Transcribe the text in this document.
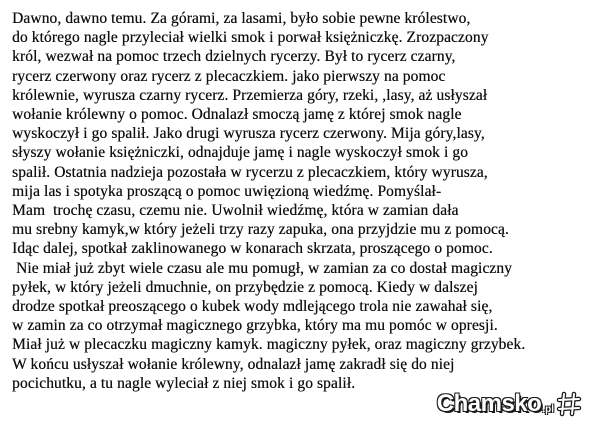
Dawno, dawno temu. Za górami, za lasami, było sobie pewne królestwo,
do którego nagle przyleciał wielki smok i porwał księżniczkę. Zrozpaczony
król, wezwał na pomoc trzech dzielnych rycerzy. Był to rycerz czarny,
rycerz czerwony oraz rycerz z plecaczkiem. jako pierwszy na pomoc
królewnie, wyrusza czarny rycerz. Przemierza góry, rzeki, ,lasy, aż usłyszał
wołanie królewny o pomoc. Odnalazł smoczą jamę z której smok nagle
wyskoczył i go spalił. Jako drugi wyrusza rycerz czerwony. Mija góry,lasy,
słyszy wołanie księżniczki, odnajduje jamę i nagle wyskoczył smok i go
spalił. Ostatnia nadzieja pozostała w rycerzu z plecaczkiem, który wyrusza,
mija las i spotyka proszącą o pomoc uwięzioną wiedźmę. Pomyślał-
Mam  trochę czasu, czemu nie. Uwolnił wiedźmę, która w zamian dała
mu srebny kamyk,w który jeżeli trzy razy zapuka, ona przyjdzie mu z pomocą.
Idąc dalej, spotkał zaklinowanego w konarach skrzata, proszącego o pomoc.
Nie miał już zbyt wiele czasu ale mu pomugł, w zamian za co dostał magiczny
pyłek, w który jeżeli dmuchnie, on przybędzie z pomocą. Kiedy w dalszej
drodze spotkał preoszącego o kubek wody mdlejącego trola nie zawahał się,
w zamin za co otrzymał magicznego grzybka, który ma mu pomóc w opresji.
Miał już w plecaczku magiczny kamyk. magiczny pyłek, oraz magiczny grzybek.
W końcu usłyszał wołanie królewny, odnalazł jamę zakradł się do niej
pocichutku, a tu nagle wyleciał z niej smok i go spalił.
Chamsko .pl
